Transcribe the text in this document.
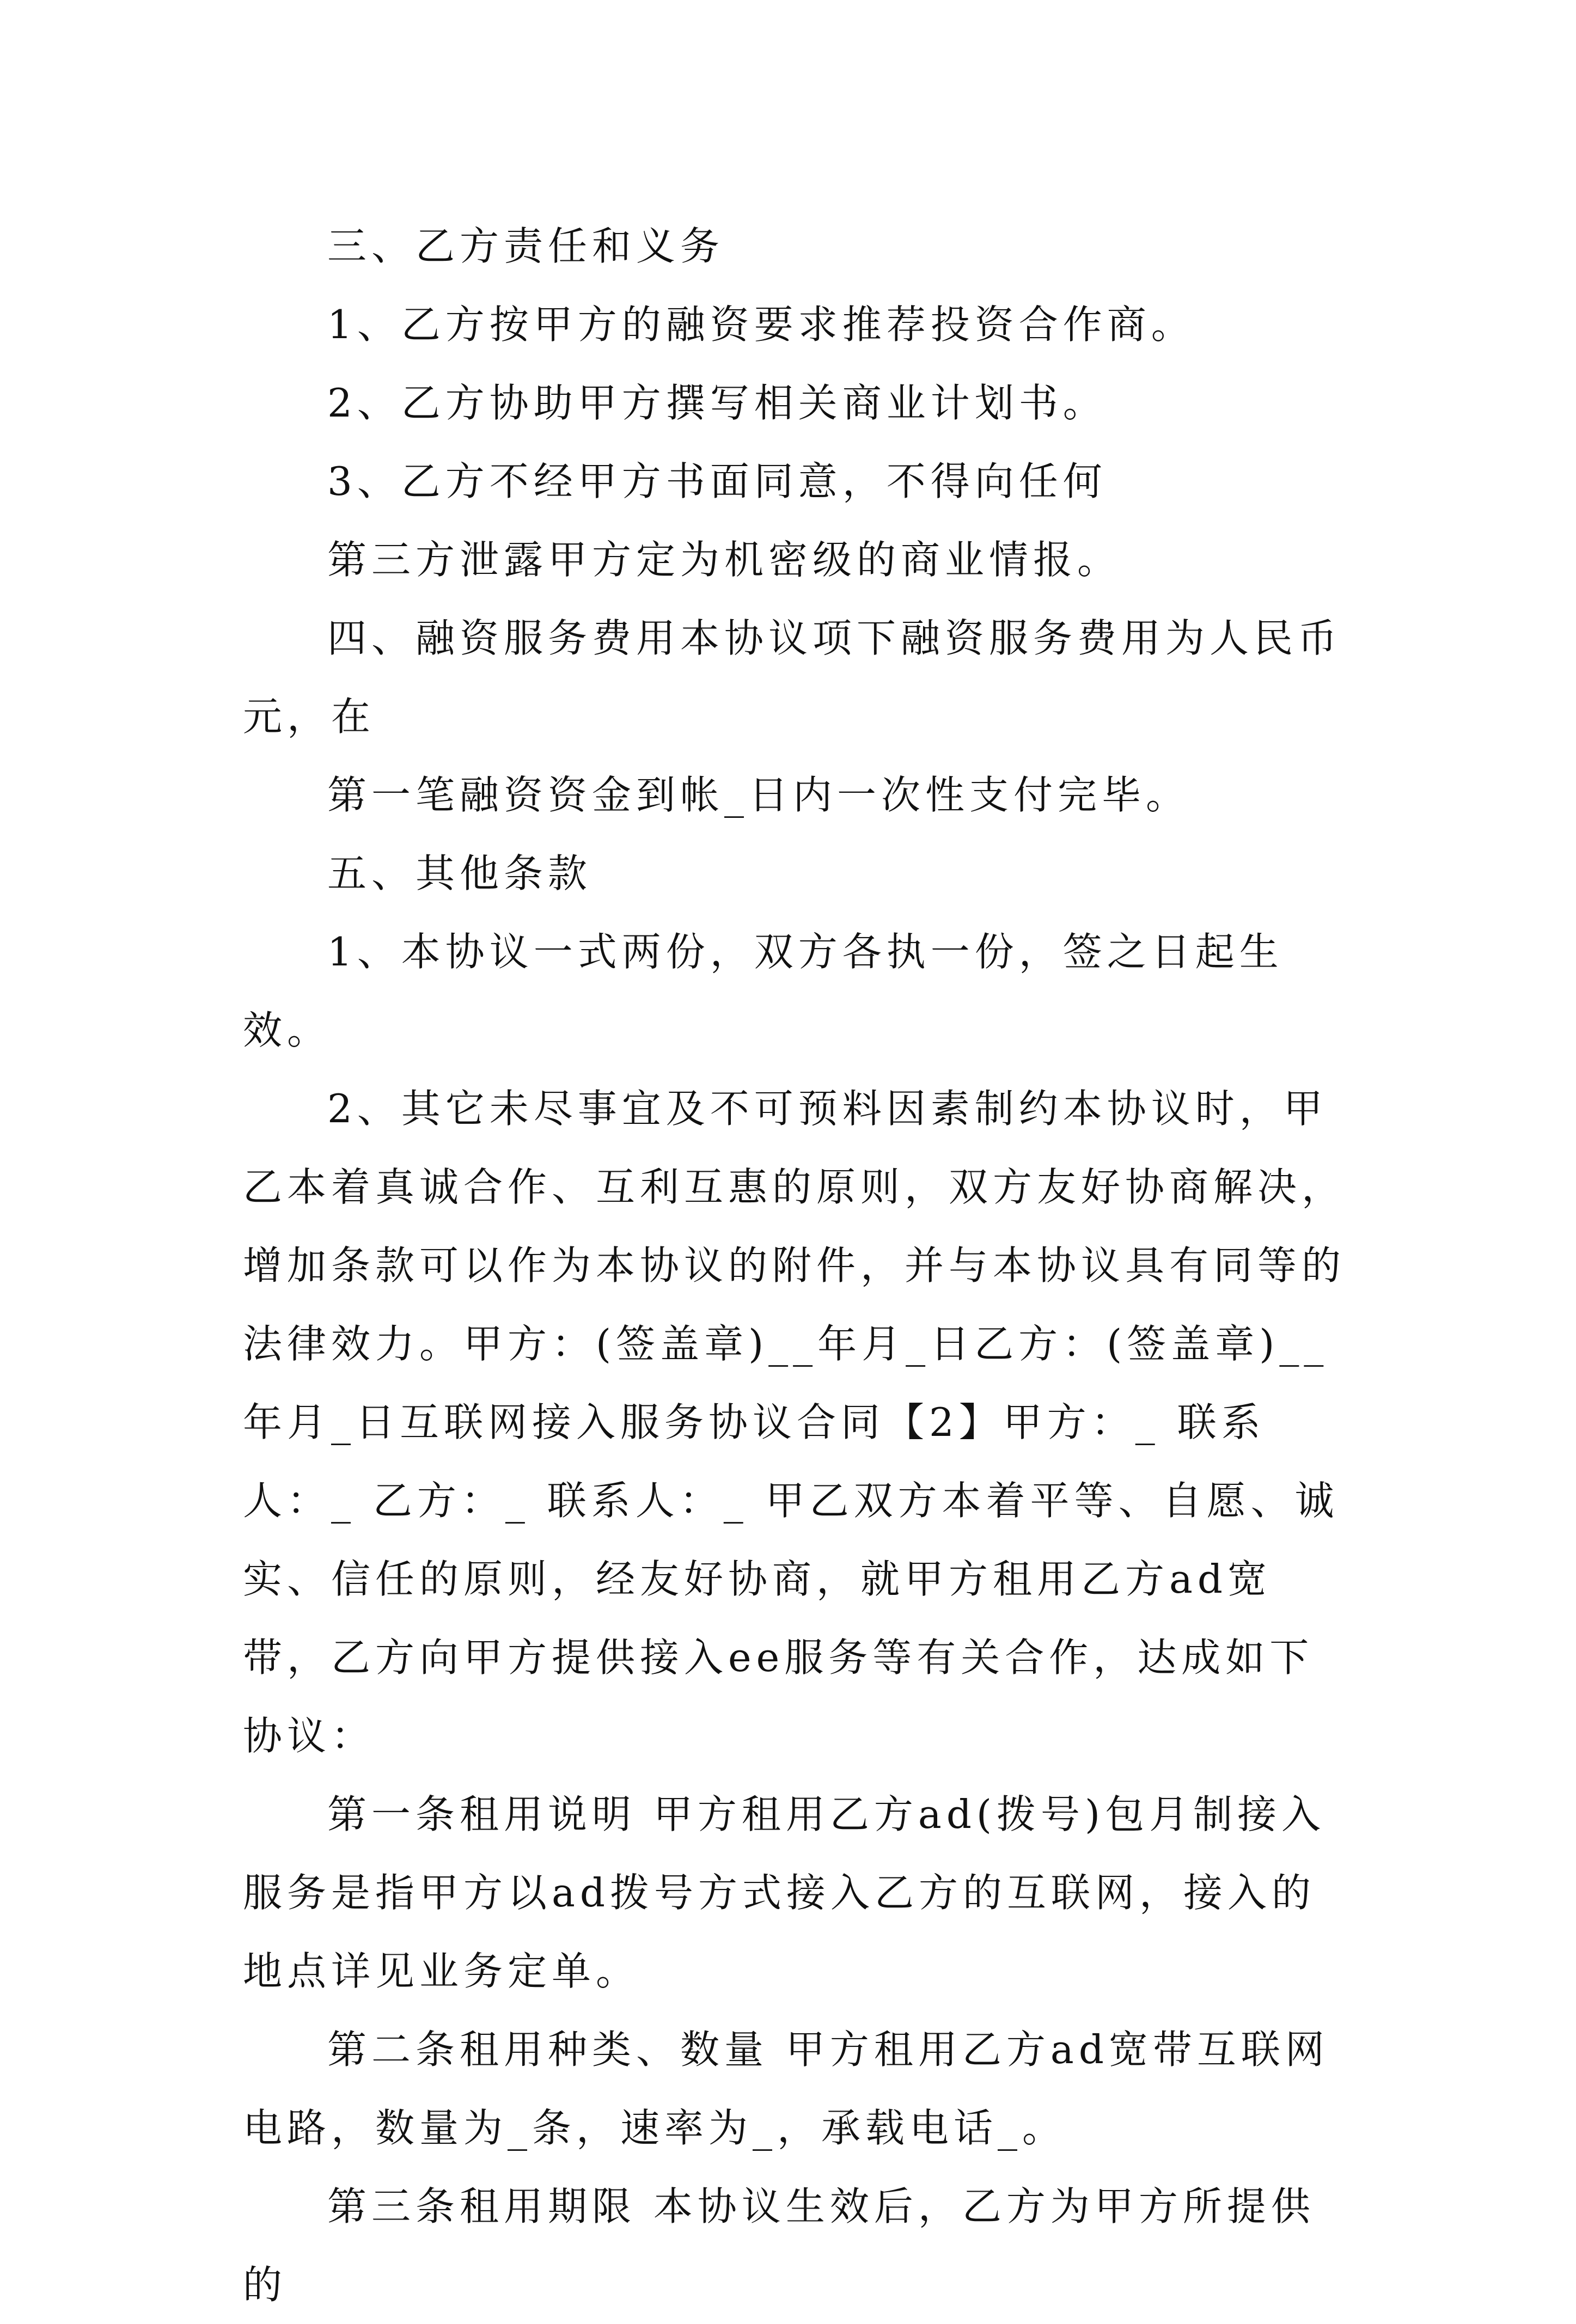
三、乙方责任和义务

1、乙方按甲方的融资要求推荐投资合作商。

2、乙方协助甲方撰写相关商业计划书。

3、乙方不经甲方书面同意，不得向任何

第三方泄露甲方定为机密级的商业情报。

四、融资服务费用本协议项下融资服务费用为人民币元，在

第一笔融资资金到帐_日内一次性支付完毕。

五、其他条款

1、本协议一式两份，双方各执一份，签之日起生效。

2、其它未尽事宜及不可预料因素制约本协议时，甲乙本着真诚合作、互利互惠的原则，双方友好协商解决，增加条款可以作为本协议的附件，并与本协议具有同等的法律效力。甲方：(签盖章)__年月_日乙方：(签盖章)__年月_日互联网接入服务协议合同【2】甲方：_ 联系人：_ 乙方：_ 联系人：_ 甲乙双方本着平等、自愿、诚实、信任的原则，经友好协商，就甲方租用乙方ad宽带，乙方向甲方提供接入ee服务等有关合作，达成如下协议：

第一条租用说明 甲方租用乙方ad(拨号)包月制接入服务是指甲方以ad拨号方式接入乙方的互联网，接入的地点详见业务定单。

第二条租用种类、数量 甲方租用乙方ad宽带互联网电路，数量为_条，速率为_，承载电话_。

第三条租用期限 本协议生效后，乙方为甲方所提供的
